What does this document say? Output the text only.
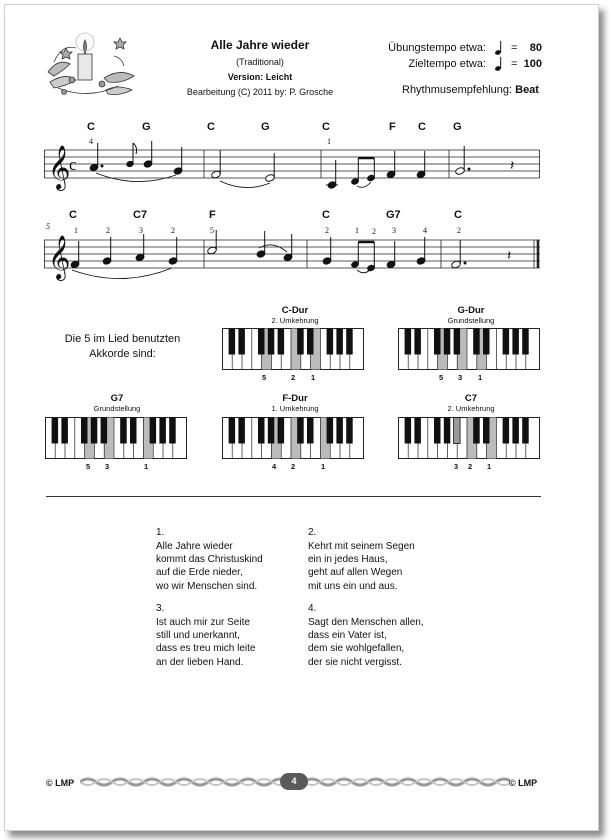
Alle Jahre wieder
(Traditional)
Version: Leicht
Bearbeitung (C) 2011 by: P. Grosche
Übungstempo etwa: =	80
Zieltempo etwa: = 100
Rhythmusempfehlung: Beat
C	G	C	G	C	F C G
4	1
𝄞
c	𝄽
C	C7	F	C	G7	C
5	1	2	3	2	5	2	1 2 3	4	2
𝄞	𝄽
Die 5 im Lied benutzten
Akkorde sind:
C-Dur
2. Umkehrung
5	2 1
G-Dur
Grundstellung
5 3 1
G7
Grundstellung
5 3	1
F-Dur
1. Umkehrung
4 2	1
C7
2. Umkehrung
3 2 1
1.
Alle Jahre wieder
kommt das Christuskind
auf die Erde nieder,
wo wir Menschen sind.
2.
Kehrt mit seinem Segen
ein in jedes Haus,
geht auf allen Wegen
mit uns ein und aus.
3.
Ist auch mir zur Seite
still und unerkannt,
dass es treu mich leite
an der lieben Hand.
4.
Sagt den Menschen allen,
dass ein Vater ist,
dem sie wohlgefallen,
der sie nicht vergisst.
© LMP	4	© LMP
